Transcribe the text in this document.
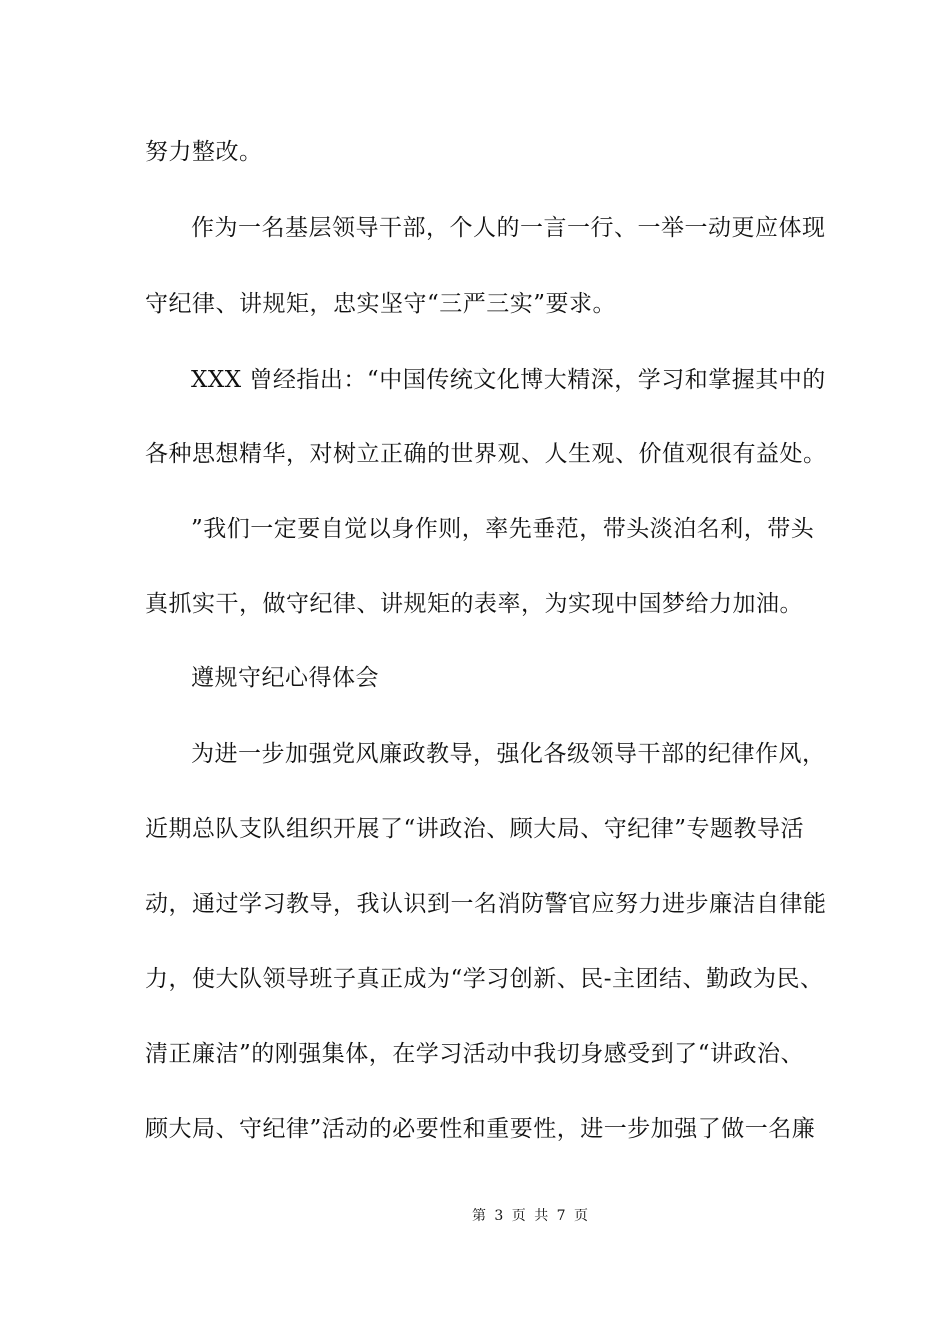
努力整改。
作为一名基层领导干部，个人的一言一行、一举一动更应体现
守纪律、讲规矩，忠实坚守“三严三实”要求。
XXX 曾经指出：“中国传统文化博大精深，学习和掌握其中的
各种思想精华，对树立正确的世界观、人生观、价值观很有益处。
”我们一定要自觉以身作则，率先垂范，带头淡泊名利，带头
真抓实干，做守纪律、讲规矩的表率，为实现中国梦给力加油。
遵规守纪心得体会
为进一步加强党风廉政教导，强化各级领导干部的纪律作风，
近期总队支队组织开展了“讲政治、顾大局、守纪律”专题教导活
动，通过学习教导，我认识到一名消防警官应努力进步廉洁自律能
力，使大队领导班子真正成为“学习创新、民-主团结、勤政为民、
清正廉洁”的刚强集体，在学习活动中我切身感受到了“讲政治、
顾大局、守纪律”活动的必要性和重要性，进一步加强了做一名廉
第 3 页 共 7 页
